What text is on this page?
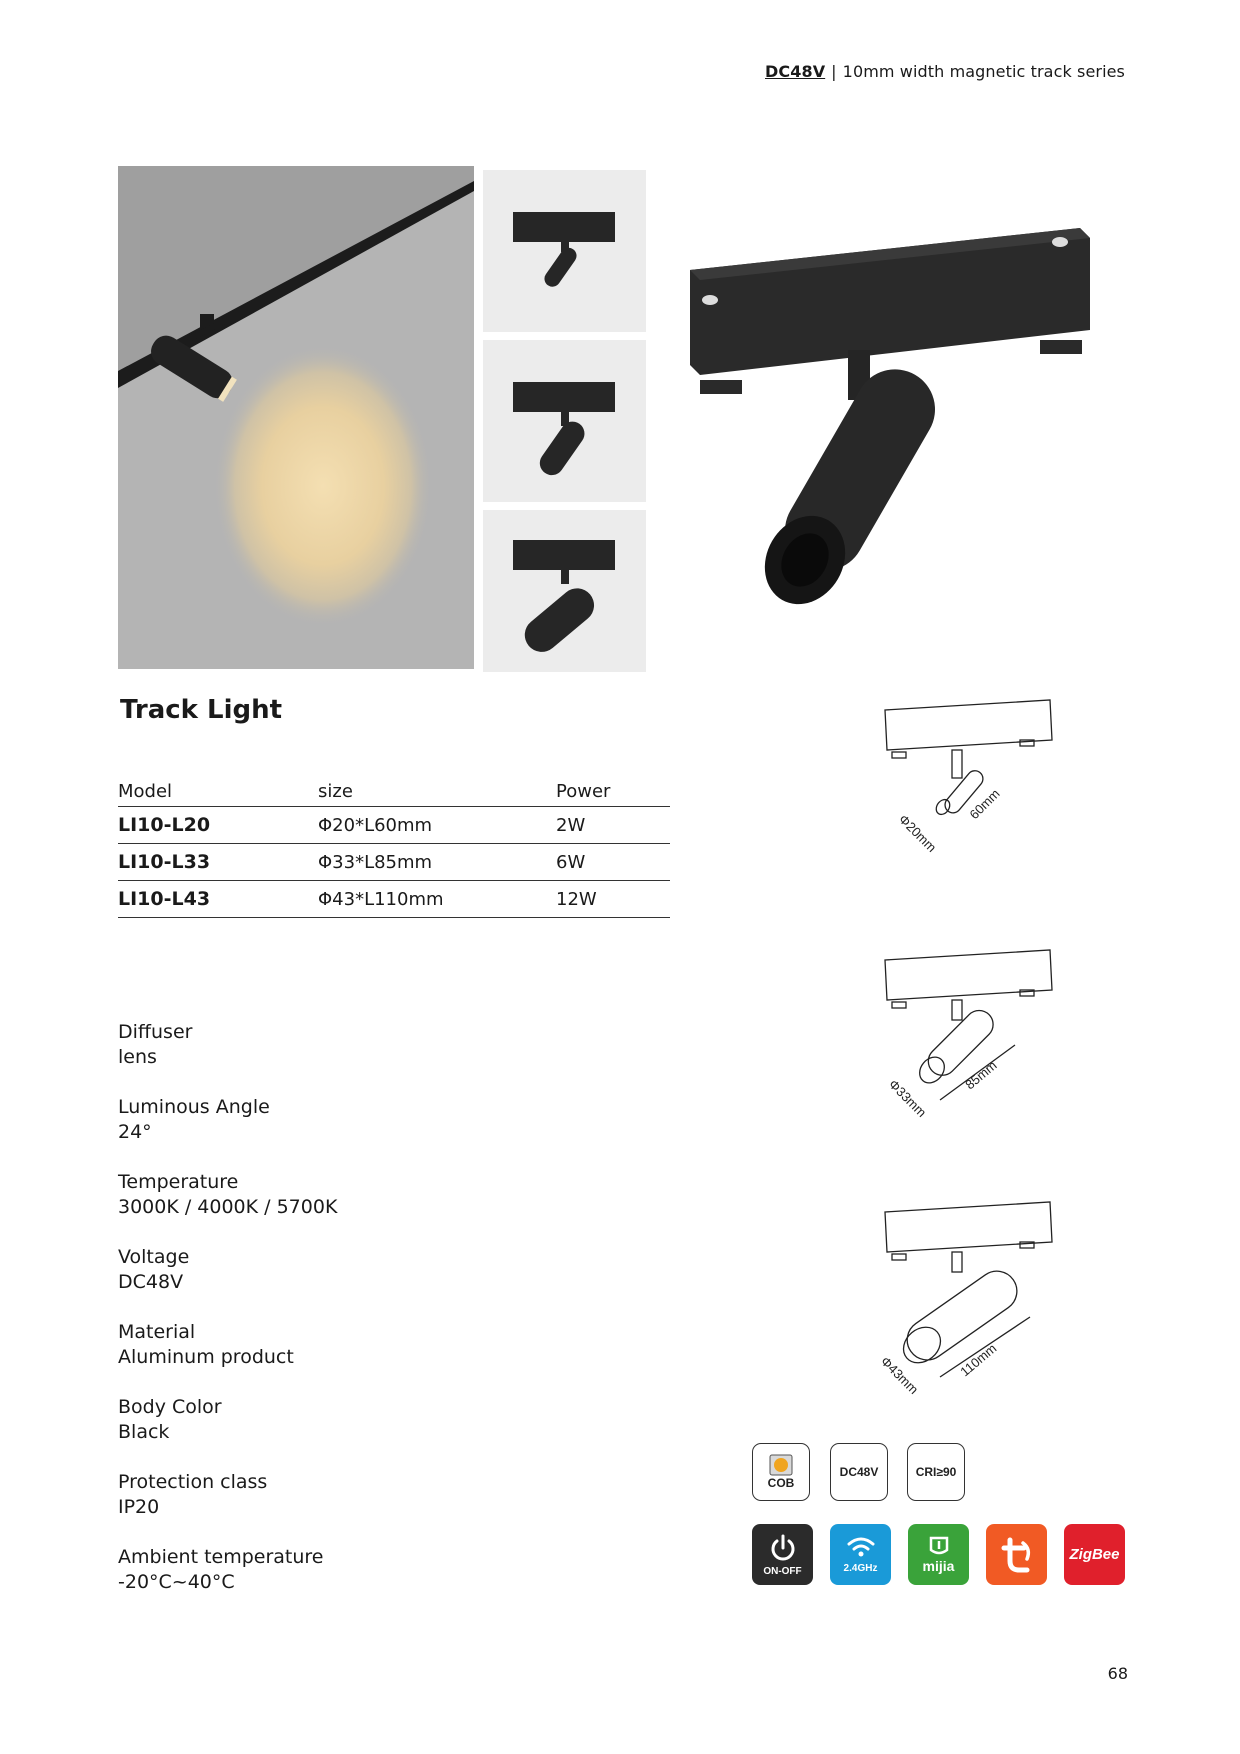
DC48V | 10mm width magnetic track series
Track Light
Model	size	Power
LI10-L20	Φ20*L60mm	2W
LI10-L33	Φ33*L85mm	6W
LI10-L43	Φ43*L110mm	12W
Diffuser
lens
Luminous Angle
24°
Temperature
3000K / 4000K / 5700K
Voltage
DC48V
Material
Aluminum product
Body Color
Black
Protection class
IP20
Ambient temperature
-20°C~40°C
Φ20mm
60mm
Φ33mm
85mm
Φ43mm	110mm
COB
DC48V	CRI≥90
ON-OFF	2.4GHz	mijia
ZigBee
68
